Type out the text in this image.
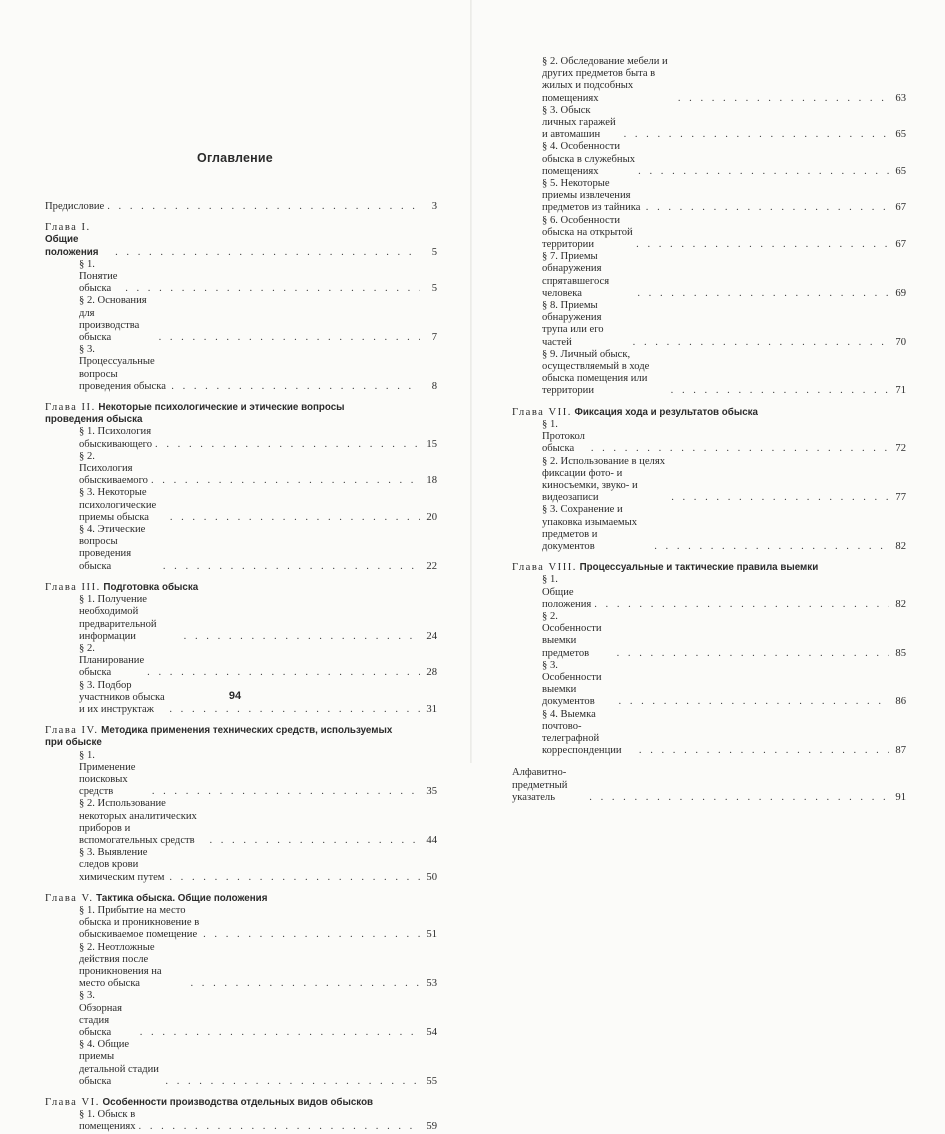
Оглавление
Предисловие . . .	3
Глава I. Общие положения . . .	5
§ 1. Понятие обыска . . .	5
§ 2. Основания для производства обыска . . .	7
§ 3. Процессуальные вопросы проведения обыска . . .	8
Глава II. Некоторые психологические и этические вопросы проведения обыска
§ 1. Психология обыскивающего . . .	15
§ 2. Психология обыскиваемого . . .	18
§ 3. Некоторые психологические приемы обыска . . .	20
§ 4. Этические вопросы проведения обыска . . .	22
Глава III. Подготовка обыска
§ 1. Получение необходимой предварительной информации . . .	24
§ 2. Планирование обыска . . .	28
§ 3. Подбор участников обыска и их инструктаж . . .	31
Глава IV. Методика применения технических средств, используемых при обыске
§ 1. Применение поисковых средств . . .	35
§ 2. Использование некоторых аналитических приборов и вспомогательных средств . . .	44
§ 3. Выявление следов крови химическим путем . . .	50
Глава V. Тактика обыска. Общие положения
§ 1. Прибытие на место обыска и проникновение в обыскиваемое помещение . . .	51
§ 2. Неотложные действия после проникновения на место обыска . . .	53
§ 3. Обзорная стадия обыска . . .	54
§ 4. Общие приемы детальной стадии обыска . . .	55
Глава VI. Особенности производства отдельных видов обысков
§ 1. Обыск в помещениях . . .	59
94
§ 2. Обследование мебели и других предметов быта в жилых и подсобных помещениях . . .	63
§ 3. Обыск личных гаражей и автомашин . . .	65
§ 4. Особенности обыска в служебных помещениях . . .	65
§ 5. Некоторые приемы извлечения предметов из тайника . . .	67
§ 6. Особенности обыска на открытой территории . . .	67
§ 7. Приемы обнаружения спрятавшегося человека . . .	69
§ 8. Приемы обнаружения трупа или его частей . . .	70
§ 9. Личный обыск, осуществляемый в ходе обыска помещения или территории . . .	71
Глава VII. Фиксация хода и результатов обыска
§ 1. Протокол обыска . . .	72
§ 2. Использование в целях фиксации фото- и киносъемки, звуко- и видеозаписи . . .	77
§ 3. Сохранение и упаковка изымаемых предметов и документов . . .	82
Глава VIII. Процессуальные и тактические правила выемки
§ 1. Общие положения . . .	82
§ 2. Особенности выемки предметов . . .	85
§ 3. Особенности выемки документов . . .	86
§ 4. Выемка почтово-телеграфной корреспонденции . . .	87
Алфавитно-предметный указатель . . .	91
